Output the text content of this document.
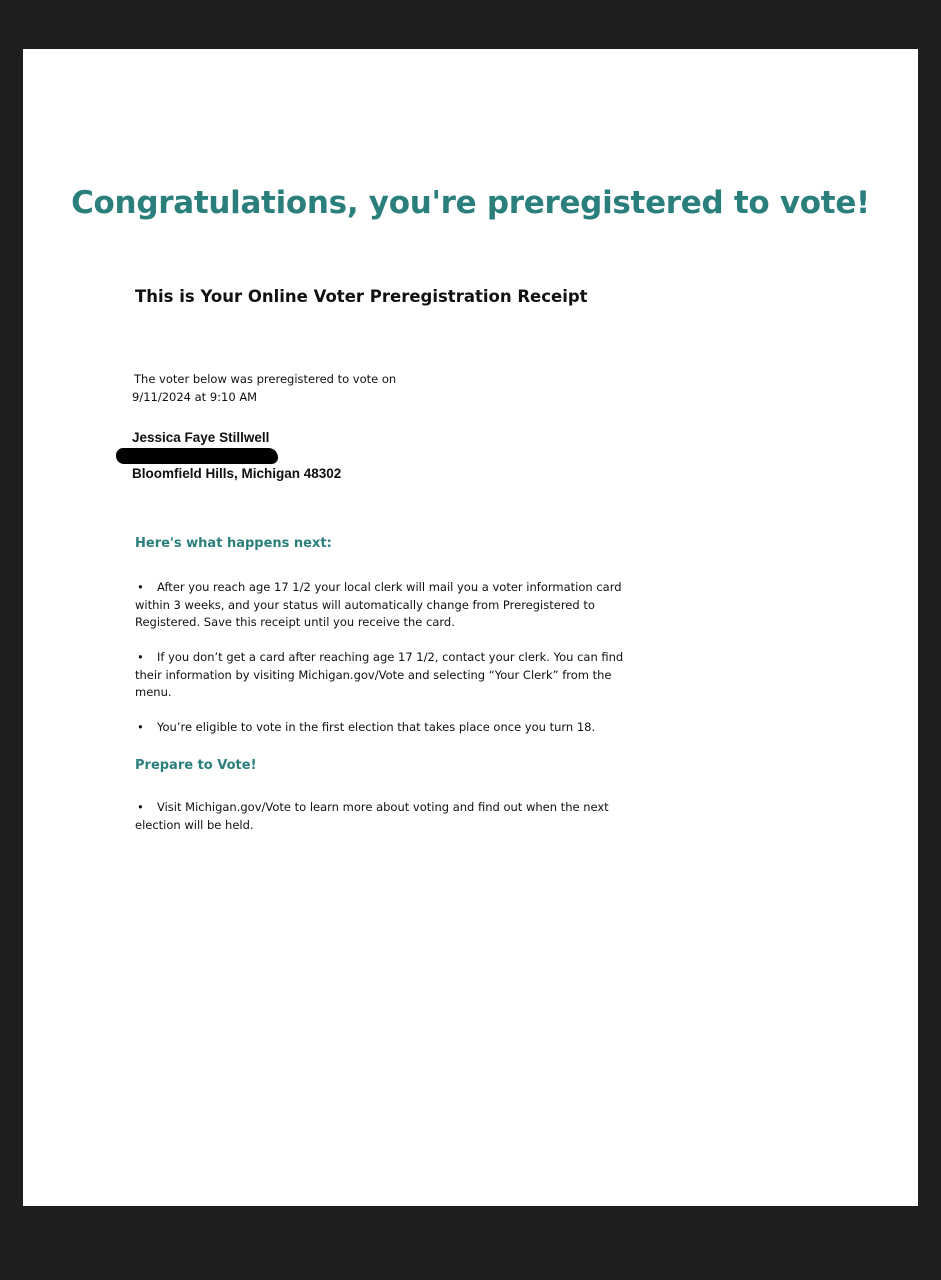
Congratulations, you're preregistered to vote!
This is Your Online Voter Preregistration Receipt
The voter below was preregistered to vote on
9/11/2024 at 9:10 AM
Jessica Faye Stillwell
Bloomfield Hills, Michigan 48302
Here's what happens next:
• After you reach age 17 1/2 your local clerk will mail you a voter information card within 3 weeks, and your status will automatically change from Preregistered to Registered. Save this receipt until you receive the card.
• If you don’t get a card after reaching age 17 1/2, contact your clerk. You can find their information by visiting Michigan.gov/Vote and selecting “Your Clerk” from the menu.
• You’re eligible to vote in the first election that takes place once you turn 18.
Prepare to Vote!
• Visit Michigan.gov/Vote to learn more about voting and find out when the next election will be held.
